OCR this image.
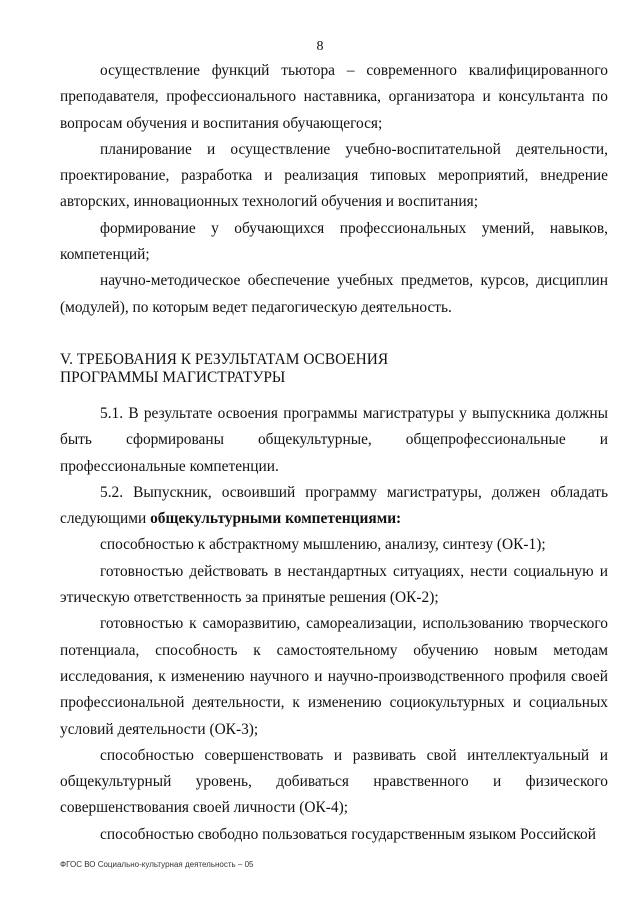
8

осуществление функций тьютора – современного квалифицированного преподавателя, профессионального наставника, организатора и консультанта по вопросам обучения и воспитания обучающегося;

планирование и осуществление учебно-воспитательной деятельности, проектирование, разработка и реализация типовых мероприятий, внедрение авторских, инновационных технологий обучения и воспитания;

формирование у обучающихся профессиональных умений, навыков, компетенций;

научно-методическое обеспечение учебных предметов, курсов, дисциплин (модулей), по которым ведет педагогическую деятельность.

V. ТРЕБОВАНИЯ К РЕЗУЛЬТАТАМ ОСВОЕНИЯ

ПРОГРАММЫ МАГИСТРАТУРЫ

5.1. В результате освоения программы магистратуры у выпускника должны быть сформированы общекультурные, общепрофессиональные и профессиональные компетенции.

5.2. Выпускник, освоивший программу магистратуры, должен обладать следующими общекультурными компетенциями:

способностью к абстрактному мышлению, анализу, синтезу (ОК-1);

готовностью действовать в нестандартных ситуациях, нести социальную и этическую ответственность за принятые решения (ОК-2);

готовностью к саморазвитию, самореализации, использованию творческого потенциала, способность к самостоятельному обучению новым методам исследования, к изменению научного и научно-производственного профиля своей профессиональной деятельности, к изменению социокультурных и социальных условий деятельности (ОК-3);

способностью совершенствовать и развивать свой интеллектуальный и общекультурный уровень, добиваться нравственного и физического совершенствования своей личности (ОК-4);

способностью свободно пользоваться государственным языком Российской

ФГОС ВО Социально-культурная деятельность – 05
